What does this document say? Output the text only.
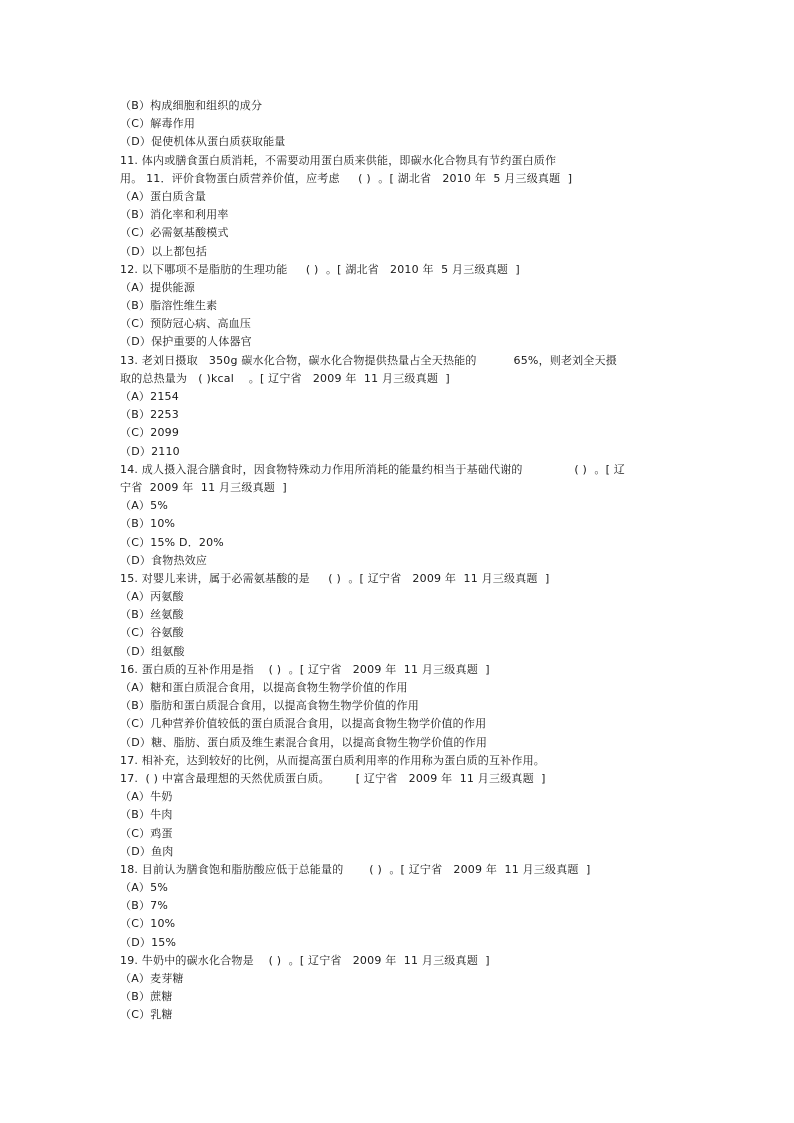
（B）构成细胞和组织的成分
（C）解毒作用
（D）促使机体从蛋白质获取能量
11. 体内或膳食蛋白质消耗，不需要动用蛋白质来供能，即碳水化合物具有节约蛋白质作
用。 11．评价食物蛋白质营养价值，应考虑     ( )  。[ 湖北省   2010 年  5 月三级真题  ]
（A）蛋白质含量
（B）消化率和利用率
（C）必需氨基酸模式
（D）以上都包括
12. 以下哪项不是脂肪的生理功能     ( )  。[ 湖北省   2010 年  5 月三级真题  ]
（A）提供能源
（B）脂溶性维生素
（C）预防冠心病、高血压
（D）保护重要的人体器官
13. 老刘日摄取   350g 碳水化合物，碳水化合物提供热量占全天热能的          65%，则老刘全天摄
取的总热量为   ( )kcal    。[ 辽宁省   2009 年  11 月三级真题  ]
（A）2154
（B）2253
（C）2099
（D）2110
14. 成人摄入混合膳食时，因食物特殊动力作用所消耗的能量约相当于基础代谢的              ( )  。[ 辽
宁省  2009 年  11 月三级真题  ]
（A）5%
（B）10%
（C）15% D．20%
（D）食物热效应
15. 对婴儿来讲，属于必需氨基酸的是     ( )  。[ 辽宁省   2009 年  11 月三级真题  ]
（A）丙氨酸
（B）丝氨酸
（C）谷氨酸
（D）组氨酸
16. 蛋白质的互补作用是指    ( )  。[ 辽宁省   2009 年  11 月三级真题  ]
（A）糖和蛋白质混合食用，以提高食物生物学价值的作用
（B）脂肪和蛋白质混合食用，以提高食物生物学价值的作用
（C）几种营养价值较低的蛋白质混合食用，以提高食物生物学价值的作用
（D）糖、脂肪、蛋白质及维生素混合食用，以提高食物生物学价值的作用
17. 相补充，达到较好的比例，从而提高蛋白质利用率的作用称为蛋白质的互补作用。
17.  ( ) 中富含最理想的天然优质蛋白质。       [ 辽宁省   2009 年  11 月三级真题  ]
（A）牛奶
（B）牛肉
（C）鸡蛋
（D）鱼肉
18. 目前认为膳食饱和脂肪酸应低于总能量的       ( )  。[ 辽宁省   2009 年  11 月三级真题  ]
（A）5%
（B）7%
（C）10%
（D）15%
19. 牛奶中的碳水化合物是    ( )  。[ 辽宁省   2009 年  11 月三级真题  ]
（A）麦芽糖
（B）蔗糖
（C）乳糖
